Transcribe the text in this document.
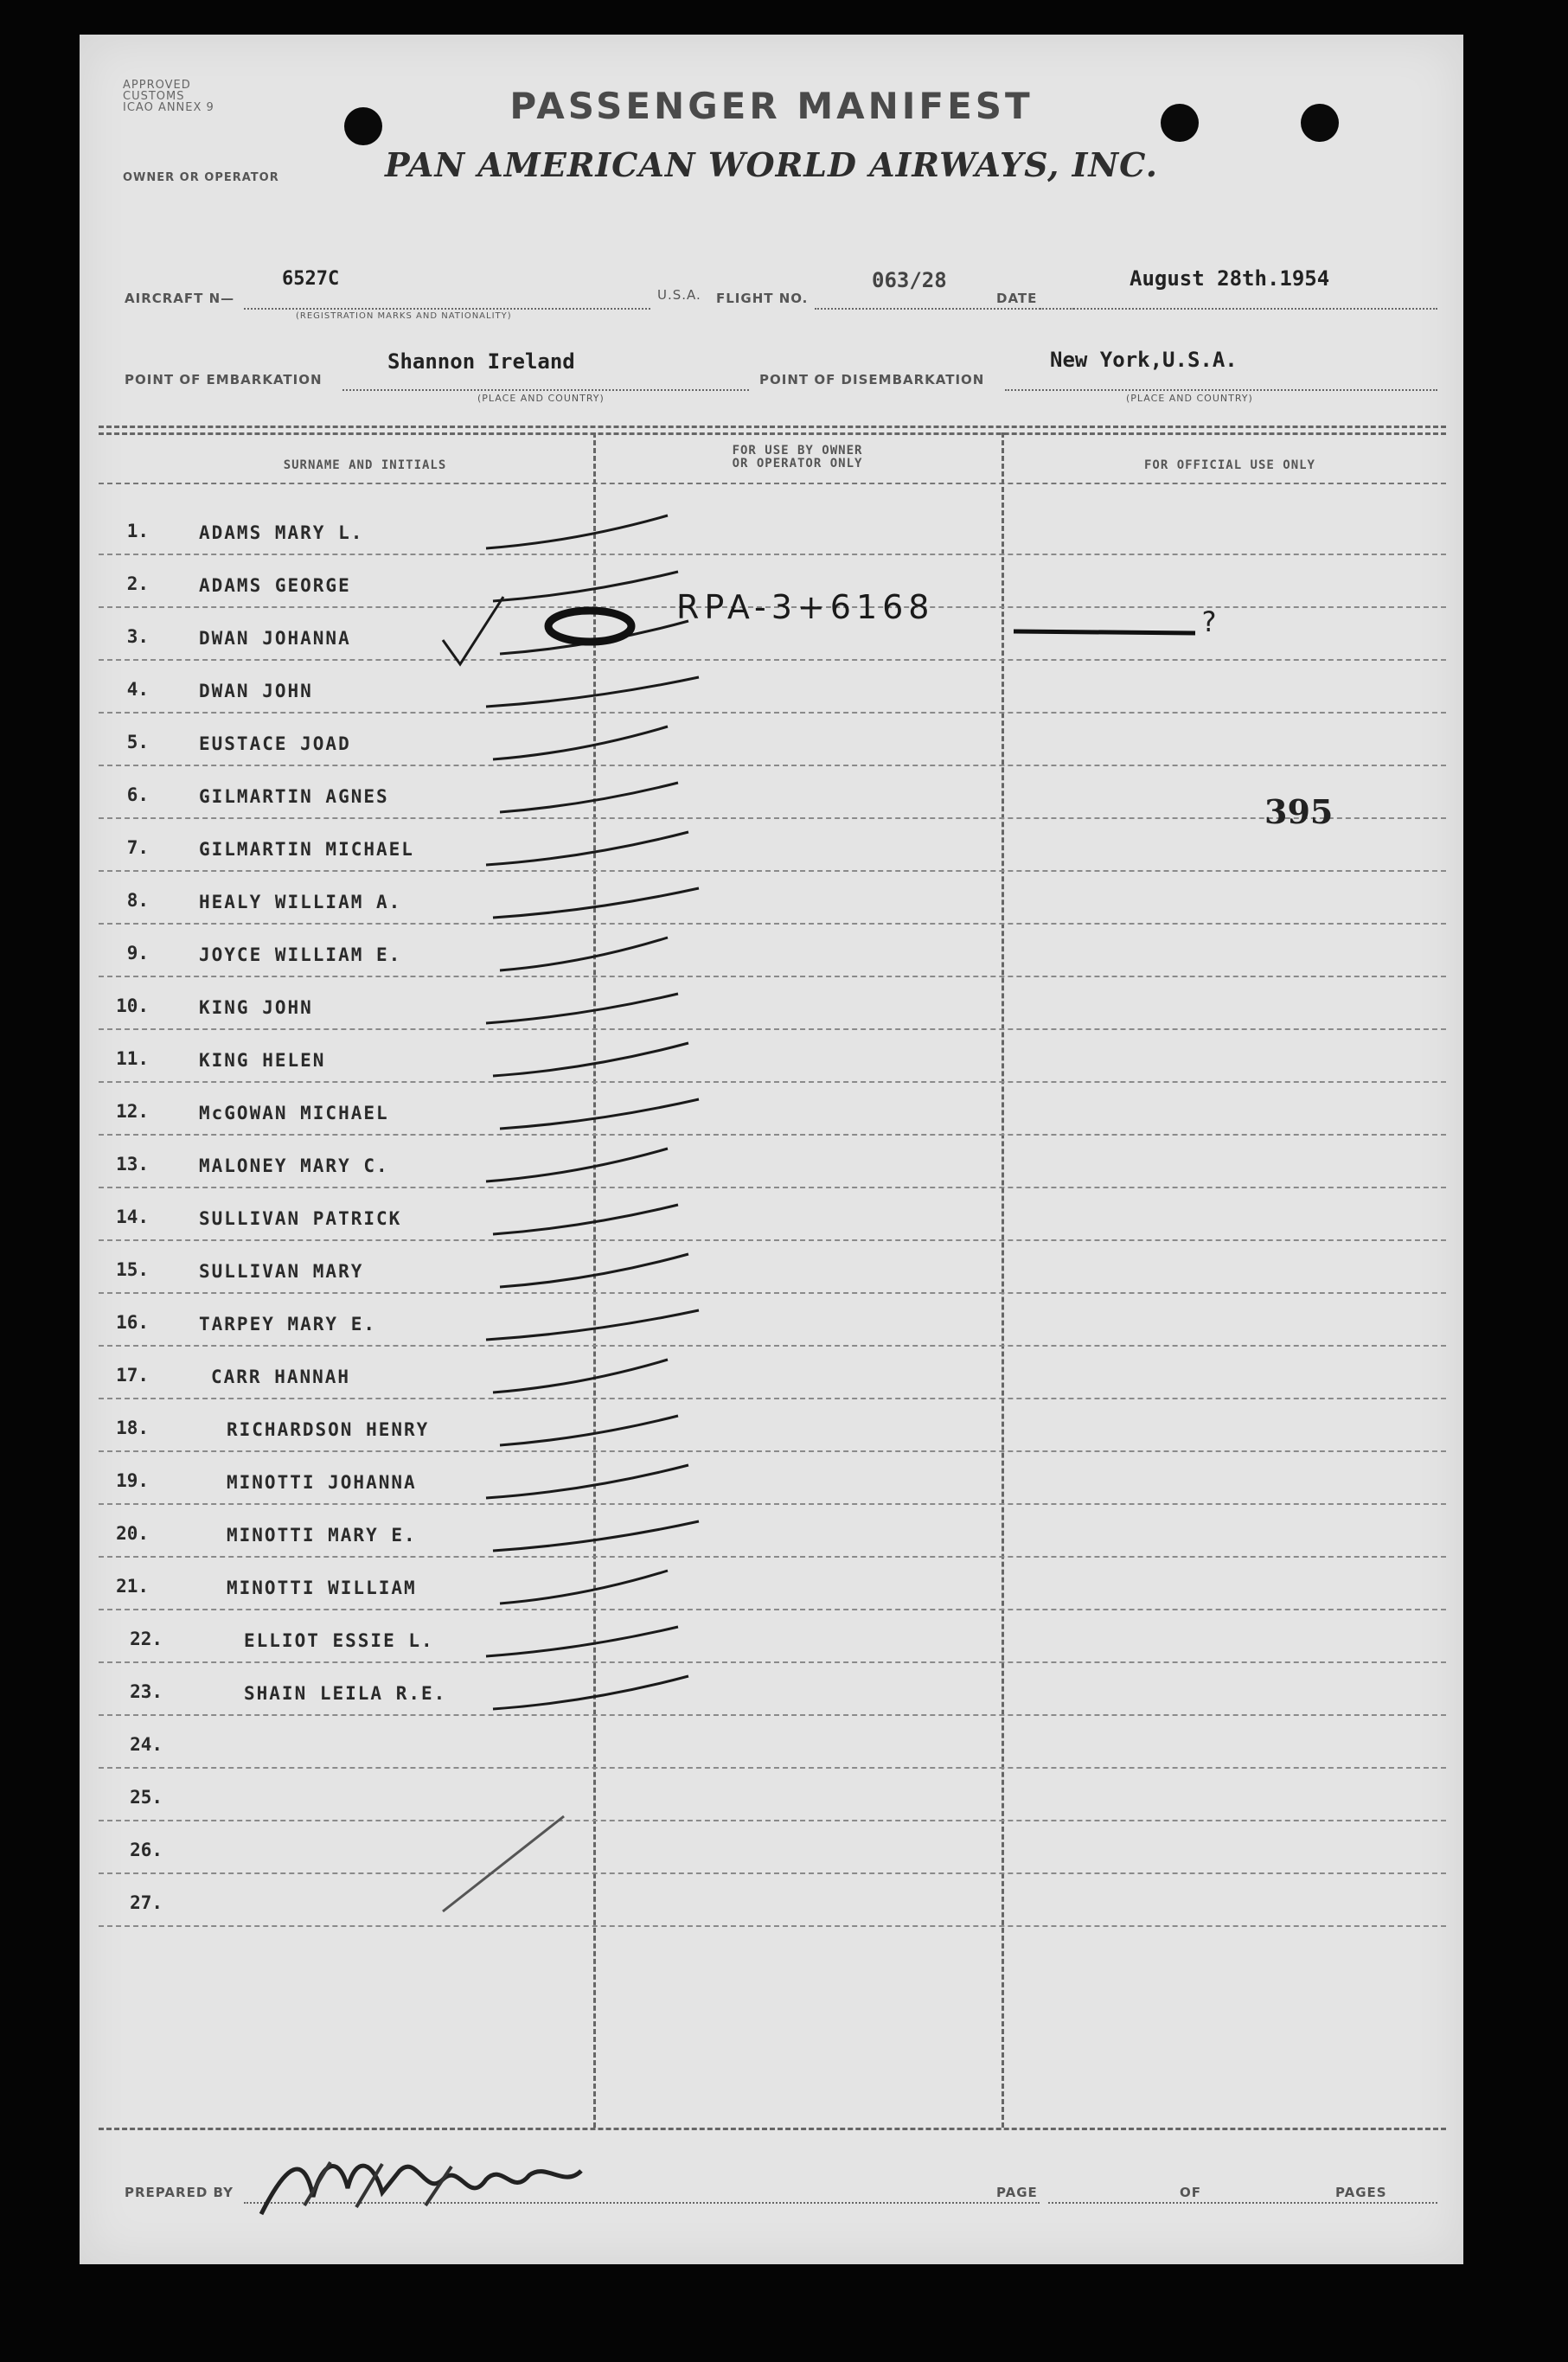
APPROVED
CUSTOMS
ICAO ANNEX 9
OWNER OR OPERATOR
PASSENGER MANIFEST
PAN AMERICAN WORLD AIRWAYS, INC.
AIRCRAFT N—
6527C
(REGISTRATION MARKS AND NATIONALITY)
U.S.A. FLIGHT NO.
063/28
DATE
August 28th.1954
POINT OF EMBARKATION
Shannon Ireland
(PLACE AND COUNTRY)
POINT OF DISEMBARKATION
New York,U.S.A.
(PLACE AND COUNTRY)
SURNAME AND INITIALS
FOR USE BY OWNER
OR OPERATOR ONLY	FOR OFFICIAL USE ONLY
1.	ADAMS MARY L.
2.	ADAMS GEORGE
3.	DWAN JOHANNA
4.	DWAN JOHN
5.	EUSTACE JOAD
6.	GILMARTIN AGNES
7.	GILMARTIN MICHAEL
8.	HEALY WILLIAM A.
9.	JOYCE WILLIAM E.
10.	KING JOHN
11.	KING HELEN
12.	McGOWAN MICHAEL
13.	MALONEY MARY C.
14.	SULLIVAN PATRICK
15.	SULLIVAN MARY
16.	TARPEY MARY E.
17.	CARR HANNAH
18.	RICHARDSON HENRY
19.	MINOTTI JOHANNA
20.	MINOTTI MARY E.
21.	MINOTTI WILLIAM
22.	ELLIOT ESSIE L.
23.	SHAIN LEILA R.E.
24.
25.
26.
27.
RPA-3+6168
395
PREPARED BY	PAGE	OF	PAGES
?
